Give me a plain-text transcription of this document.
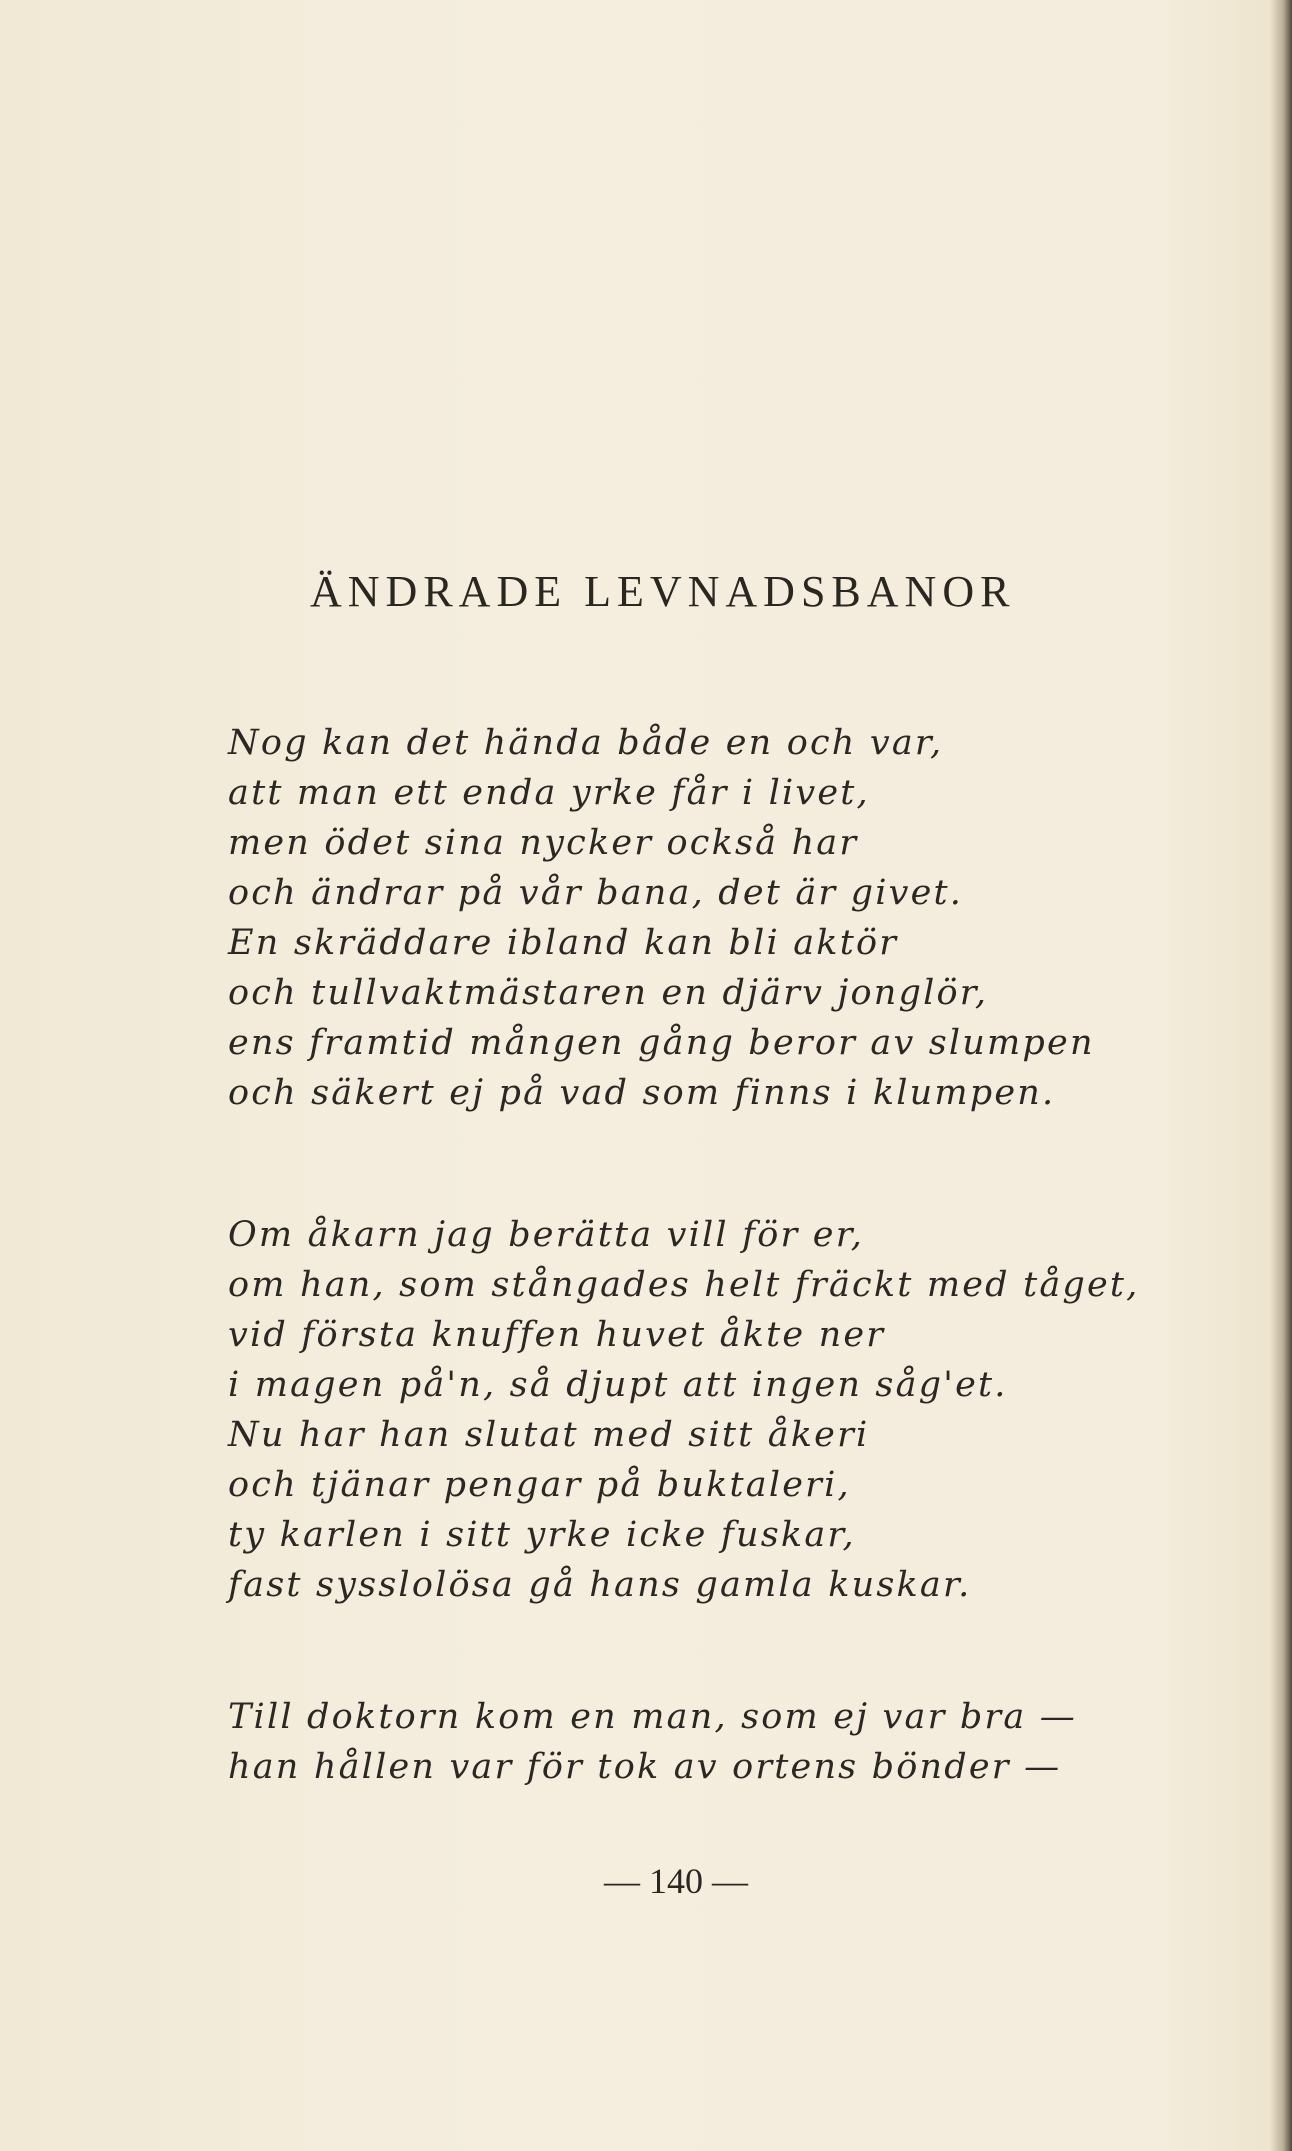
ÄNDRADE LEVNADSBANOR
Nog kan det hända både en och var,
att man ett enda yrke får i livet,
men ödet sina nycker också har
och ändrar på vår bana, det är givet.
En skräddare ibland kan bli aktör
och tullvaktmästaren en djärv jonglör,
ens framtid mången gång beror av slumpen
och säkert ej på vad som finns i klumpen.
Om åkarn jag berätta vill för er,
om han, som stångades helt fräckt med tåget,
vid första knuffen huvet åkte ner
i magen på'n, så djupt att ingen såg'et.
Nu har han slutat med sitt åkeri
och tjänar pengar på buktaleri,
ty karlen i sitt yrke icke fuskar,
fast sysslolösa gå hans gamla kuskar.
Till doktorn kom en man, som ej var bra —
han hållen var för tok av ortens bönder —
— 140 —
